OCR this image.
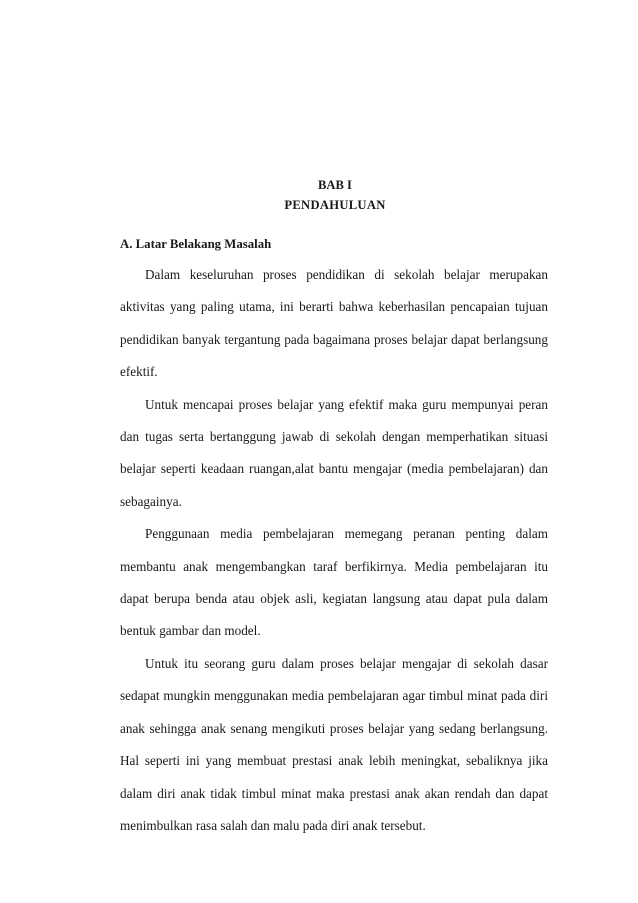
BAB I
PENDAHULUAN
A. Latar Belakang Masalah

Dalam keseluruhan proses pendidikan di sekolah belajar merupakan aktivitas yang paling utama, ini berarti bahwa keberhasilan pencapaian tujuan pendidikan banyak tergantung pada bagaimana proses belajar dapat berlangsung efektif.

Untuk mencapai proses belajar yang efektif maka guru mempunyai peran dan tugas serta bertanggung jawab di sekolah dengan memperhatikan situasi belajar seperti keadaan ruangan,alat bantu mengajar (media pembelajaran) dan sebagainya.

Penggunaan media pembelajaran memegang peranan penting dalam membantu anak mengembangkan taraf berfikirnya. Media pembelajaran itu dapat berupa benda atau objek asli, kegiatan langsung atau dapat pula dalam bentuk gambar dan model.

Untuk itu seorang guru dalam proses belajar mengajar di sekolah dasar sedapat mungkin menggunakan media pembelajaran agar timbul minat pada diri anak sehingga anak senang mengikuti proses belajar yang sedang berlangsung. Hal seperti ini yang membuat prestasi anak lebih meningkat, sebaliknya jika dalam diri anak tidak timbul minat maka prestasi anak akan rendah dan dapat menimbulkan rasa salah dan malu pada diri anak tersebut.
